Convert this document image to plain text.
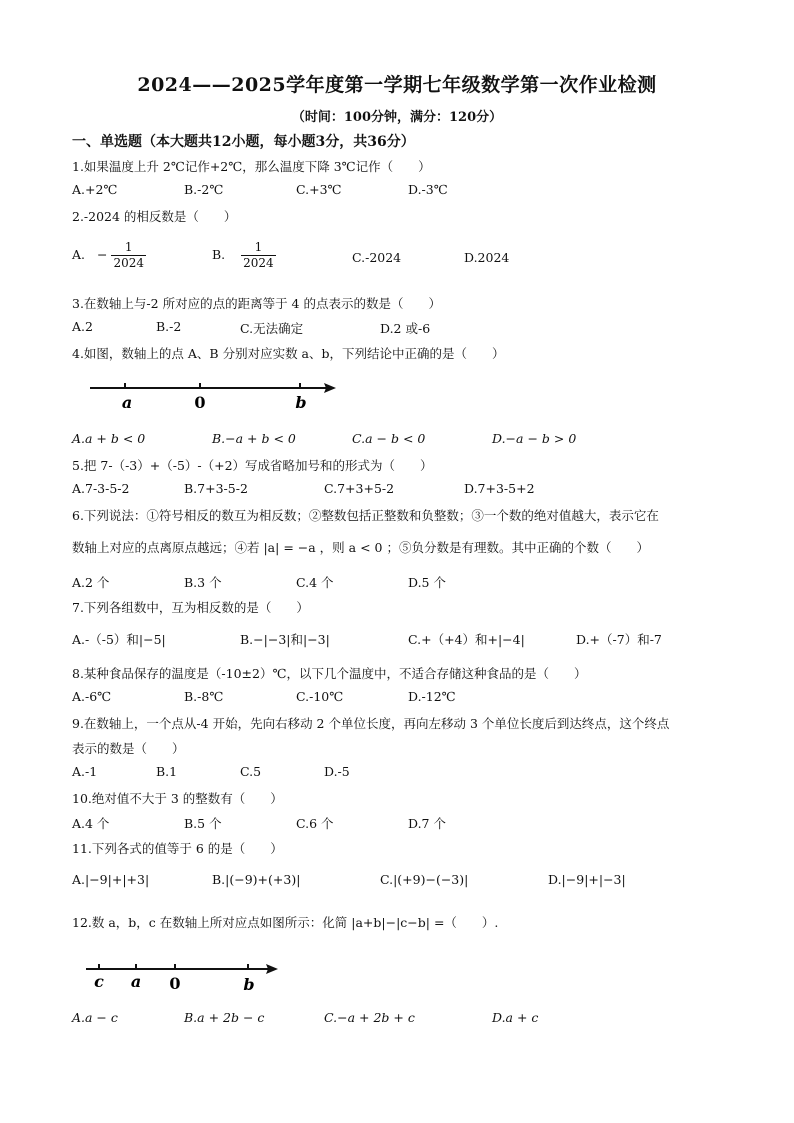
2024——2025学年度第一学期七年级数学第一次作业检测
（时间：100分钟，满分：120分）
一、单选题（本大题共12小题，每小题3分，共36分）
1.如果温度上升 2℃记作+2℃，那么温度下降 3℃记作（　　）
A.+2℃	B.-2℃	C.+3℃	D.-3℃
2.-2024 的相反数是（　　）
A. − $\frac{1}{2024}$	B. $\frac{1}{2024}$	C.-2024	D.2024
3.在数轴上与-2 所对应的点的距离等于 4 的点表示的数是（　　）
A.2	B.-2	C.无法确定	D.2 或-6
4.如图，数轴上的点 A、B 分别对应实数 a、b，下列结论中正确的是（　　）
a	0	b
A.a + b < 0	B.−a + b < 0	C.a − b < 0	D.−a − b > 0
5.把 7-（-3）+（-5）-（+2）写成省略加号和的形式为（　　）
A.7-3-5-2	B.7+3-5-2	C.7+3+5-2	D.7+3-5+2
6.下列说法：①符号相反的数互为相反数；②整数包括正整数和负整数；③一个数的绝对值越大，表示它在
数轴上对应的点离原点越远；④若 |a| = −a ，则 a < 0 ；⑤负分数是有理数。其中正确的个数（　　）
A.2 个	B.3 个	C.4 个	D.5 个
7.下列各组数中，互为相反数的是（　　）
A.-（-5）和|−5|	B.−|−3|和|−3|	C.+（+4）和+|−4|	D.+（-7）和-7
8.某种食品保存的温度是（-10±2）℃，以下几个温度中，不适合存储这种食品的是（　　）
A.-6℃	B.-8℃	C.-10℃	D.-12℃
9.在数轴上，一个点从-4 开始，先向右移动 2 个单位长度，再向左移动 3 个单位长度后到达终点，这个终点
表示的数是（　　）
A.-1	B.1	C.5	D.-5
10.绝对值不大于 3 的整数有（　　）
A.4 个	B.5 个	C.6 个	D.7 个
11.下列各式的值等于 6 的是（　　）
A.|−9|+|+3|	B.|(−9)+(+3)|	C.|(+9)−(−3)|	D.|−9|+|−3|
12.数 a，b，c 在数轴上所对应点如图所示：化简 |a+b|−|c−b| =（　　）.
c a 0	b
A.a − c	B.a + 2b − c	C.−a + 2b + c	D.a + c
